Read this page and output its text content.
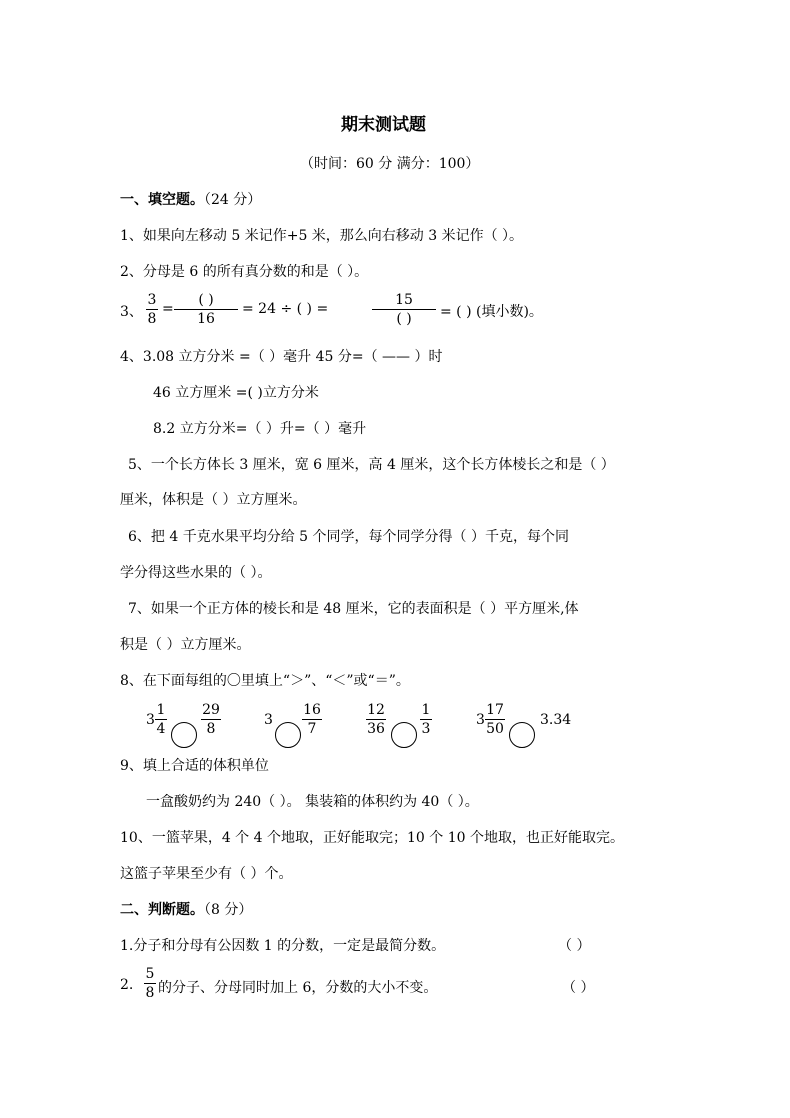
期末测试题
（时间：60 分 满分：100）
一、填空题。（24 分）
1、如果向左移动 5 米记作+5 米，那么向右移动 3 米记作（ ）。
2、分母是 6 的所有真分数的和是（ ）。
3、
3
8
=
( )
16
= 24 ÷ ( ) =
15
( )	= ( ) (填小数)。
4、3.08 立方分米 =（ ）毫升 45 分=（ —— ）时
46 立方厘米 =( )立方分米
8.2 立方分米=（ ）升=（ ）毫升
5、一个长方体长 3 厘米，宽 6 厘米，高 4 厘米，这个长方体棱长之和是（ ）
厘米，体积是（ ）立方厘米。
6、把 4 千克水果平均分给 5 个同学，每个同学分得（ ）千克，每个同
学分得这些水果的（ ）。
7、如果一个正方体的棱长和是 48 厘米，它的表面积是（ ）平方厘米,体
积是（ ）立方厘米。
8、在下面每组的〇里填上“＞”、“＜”或“＝”。
3
1
4
29
8
3
16
7
12
36
1
3
3
17
50
3.34
9、填上合适的体积单位
一盒酸奶约为 240（ ）。 集装箱的体积约为 40（ ）。
10、一篮苹果，4 个 4 个地取，正好能取完；10 个 10 个地取，也正好能取完。
这篮子苹果至少有（ ）个。
二、判断题。（8 分）
1.分子和分母有公因数 1 的分数，一定是最简分数。	（ ）
2.
5
8 的分子、分母同时加上 6，分数的大小不变。	（ ）
